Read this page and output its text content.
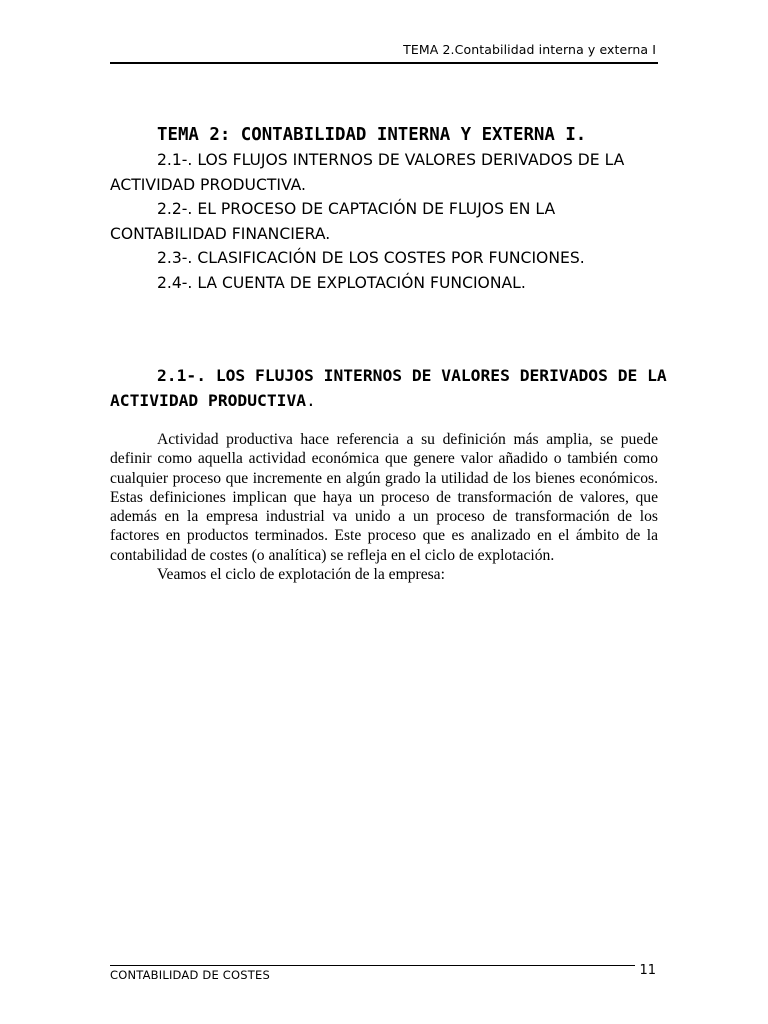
TEMA 2.Contabilidad interna y externa I

TEMA 2: CONTABILIDAD INTERNA Y EXTERNA I.

2.1-. LOS FLUJOS INTERNOS DE VALORES DERIVADOS DE LA ACTIVIDAD PRODUCTIVA.

2.2-. EL PROCESO DE CAPTACIÓN DE FLUJOS EN LA CONTABILIDAD FINANCIERA.

2.3-. CLASIFICACIÓN DE LOS COSTES POR FUNCIONES.

2.4-. LA CUENTA DE EXPLOTACIÓN FUNCIONAL.

2.1-. LOS FLUJOS INTERNOS DE VALORES DERIVADOS DE LA ACTIVIDAD PRODUCTIVA.

Actividad productiva hace referencia a su definición más amplia, se puede definir como aquella actividad económica que genere valor añadido o también como cualquier proceso que incremente en algún grado la utilidad de los bienes económicos. Estas definiciones implican que haya un proceso de transformación de valores, que además en la empresa industrial va unido a un proceso de transformación de los factores en productos terminados. Este proceso que es analizado en el ámbito de la contabilidad de costes (o analítica) se refleja en el ciclo de explotación.

Veamos el ciclo de explotación de la empresa:

CONTABILIDAD DE COSTES	11
